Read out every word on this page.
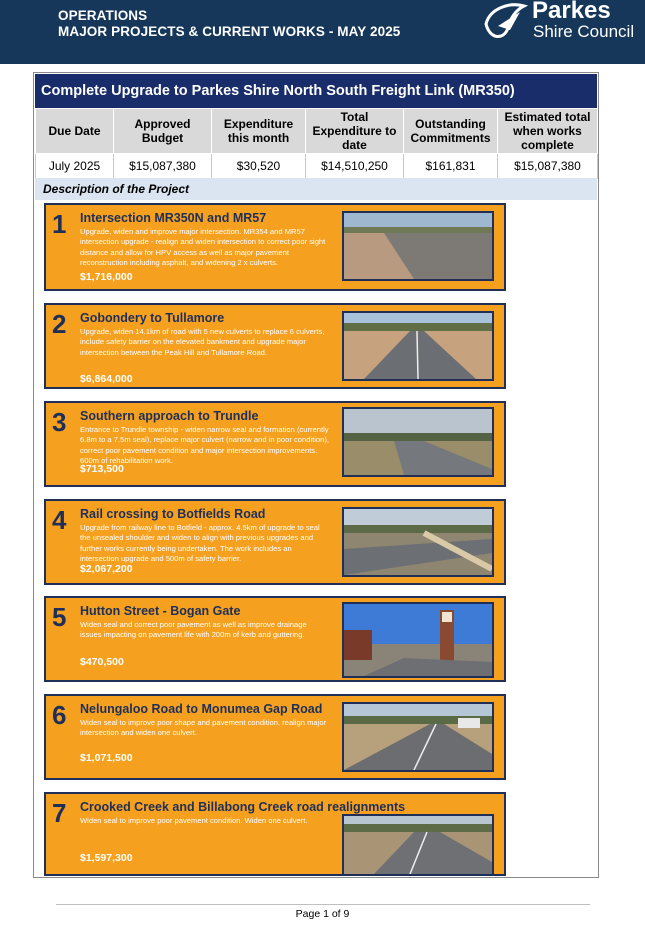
OPERATIONS
MAJOR PROJECTS & CURRENT WORKS - MAY 2025
Parkes
Shire Council
Complete Upgrade to Parkes Shire North South Freight Link (MR350)
Due Date	Approved Budget	Expenditure this month	Total Expenditure to date	Outstanding Commitments	Estimated total when works complete
July 2025	$15,087,380	$30,520	$14,510,250	$161,831	$15,087,380
Description of the Project
1 Intersection MR350N and MR57
Upgrade, widen and improve major intersection. MR354 and MR57 intersection upgrade - realign and widen intersection to correct poor sight distance and allow for HPV access as well as major pavement reconstruction including asphalt, and widening 2 x culverts.
$1,716,000
2 Gobondery to Tullamore
Upgrade, widen 14.1km of road with 5 new culverts to replace 6 culverts, include safety barrier on the elevated bankment and upgrade major intersection between the Peak Hill and Tullamore Road.
$6,864,000
3 Southern approach to Trundle
Entrance to Trundle township - widen narrow seal and formation (currently 6.8m to a 7.5m seal), replace major culvert (narrow and in poor condition), correct poor pavement condition and major intersection improvements. 600m of rehabilitation work.
$713,500
4 Rail crossing to Botfields Road
Upgrade from railway line to Botfield - approx. 4.5km of upgrade to seal the unsealed shoulder and widen to align with previous upgrades and further works currently being undertaken. The work includes an intersection upgrade and 500m of safety barrier.
$2,067,200
5 Hutton Street - Bogan Gate
Widen seal and correct poor pavement as well as improve drainage issues impacting on pavement life with 200m of kerb and guttering.
$470,500
6 Nelungaloo Road to Monumea Gap Road
Widen seal to improve poor shape and pavement condition, realign major intersection and widen one culvert.
$1,071,500
7 Crooked Creek and Billabong Creek road realignments
Widen seal to improve poor pavement condition. Widen one culvert.
$1,597,300
Page 1 of 9
